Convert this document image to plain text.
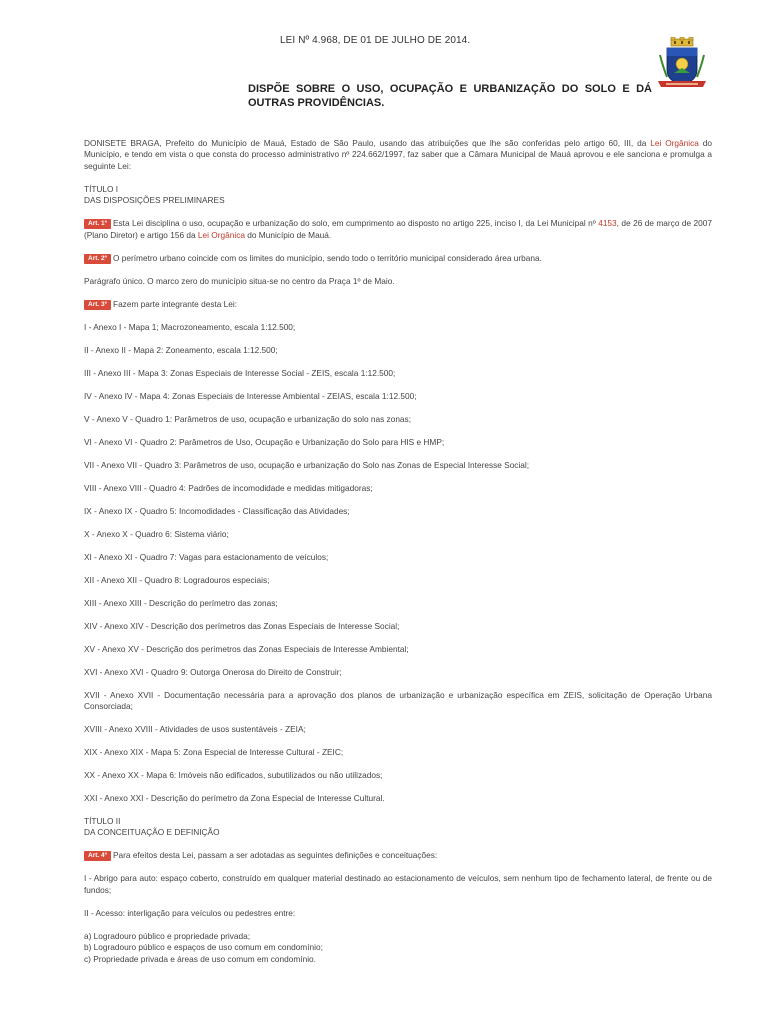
LEI Nº 4.968, DE 01 DE JULHO DE 2014.
DISPÕE SOBRE O USO, OCUPAÇÃO E URBANIZAÇÃO DO SOLO E DÁ OUTRAS PROVIDÊNCIAS.

DONISETE BRAGA, Prefeito do Município de Mauá, Estado de São Paulo, usando das atribuições que lhe são conferidas pelo artigo 60, III, da Lei Orgânica do Município, e tendo em vista o que consta do processo administrativo nº 224.662/1997, faz saber que a Câmara Municipal de Mauá aprovou e ele sanciona e promulga a seguinte Lei:

TÍTULO I
DAS DISPOSIÇÕES PRELIMINARES

Art. 1º Esta Lei disciplina o uso, ocupação e urbanização do solo, em cumprimento ao disposto no artigo 225, inciso I, da Lei Municipal nº 4153, de 26 de março de 2007 (Plano Diretor) e artigo 156 da Lei Orgânica do Município de Mauá.

Art. 2º O perímetro urbano coincide com os limites do município, sendo todo o território municipal considerado área urbana.

Parágrafo único. O marco zero do município situa-se no centro da Praça 1º de Maio.

Art. 3º Fazem parte integrante desta Lei:

I - Anexo I - Mapa 1; Macrozoneamento, escala 1:12.500;

II - Anexo II - Mapa 2: Zoneamento, escala 1:12.500;

III - Anexo III - Mapa 3: Zonas Especiais de Interesse Social - ZEIS, escala 1:12.500;

IV - Anexo IV - Mapa 4: Zonas Especiais de Interesse Ambiental - ZEIAS, escala 1:12.500;

V - Anexo V - Quadro 1: Parâmetros de uso, ocupação e urbanização do solo nas zonas;

VI - Anexo VI - Quadro 2: Parâmetros de Uso, Ocupação e Urbanização do Solo para HIS e HMP;

VII - Anexo VII - Quadro 3: Parâmetros de uso, ocupação e urbanização do Solo nas Zonas de Especial Interesse Social;

VIII - Anexo VIII - Quadro 4: Padrões de incomodidade e medidas mitigadoras;

IX - Anexo IX - Quadro 5: Incomodidades - Classificação das Atividades;

X - Anexo X - Quadro 6: Sistema viário;

XI - Anexo XI - Quadro 7: Vagas para estacionamento de veículos;

XII - Anexo XII - Quadro 8: Logradouros especiais;

XIII - Anexo XIII - Descrição do perímetro das zonas;

XIV - Anexo XIV - Descrição dos perímetros das Zonas Especiais de Interesse Social;

XV - Anexo XV - Descrição dos perímetros das Zonas Especiais de Interesse Ambiental;

XVI - Anexo XVI - Quadro 9: Outorga Onerosa do Direito de Construir;

XVII - Anexo XVII - Documentação necessária para a aprovação dos planos de urbanização e urbanização específica em ZEIS, solicitação de Operação Urbana Consorciada;

XVIII - Anexo XVIII - Atividades de usos sustentáveis - ZEIA;

XIX - Anexo XIX - Mapa 5: Zona Especial de Interesse Cultural - ZEIC;

XX - Anexo XX - Mapa 6: Imóveis não edificados, subutilizados ou não utilizados;

XXI - Anexo XXI - Descrição do perímetro da Zona Especial de Interesse Cultural.

TÍTULO II
DA CONCEITUAÇÃO E DEFINIÇÃO

Art. 4º Para efeitos desta Lei, passam a ser adotadas as seguintes definições e conceituações:

I - Abrigo para auto: espaço coberto, construído em qualquer material destinado ao estacionamento de veículos, sem nenhum tipo de fechamento lateral, de frente ou de fundos;

II - Acesso: interligação para veículos ou pedestres entre:

a) Logradouro público e propriedade privada;

b) Logradouro público e espaços de uso comum em condomínio;

c) Propriedade privada e áreas de uso comum em condomínio.
